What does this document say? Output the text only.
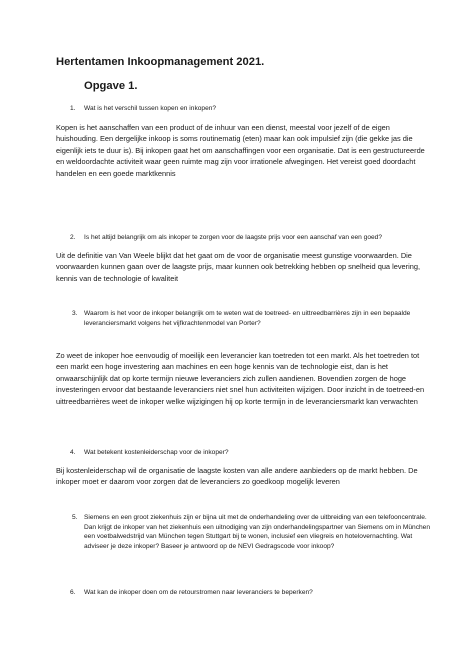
Hertentamen Inkoopmanagement 2021.
Opgave 1.
1. Wat is het verschil tussen kopen en inkopen?
Kopen is het aanschaffen van een product of de inhuur van een dienst, meestal voor jezelf of de eigen huishouding. Een dergelijke inkoop is soms routinematig (eten) maar kan ook impulsief zijn (die gekke jas die eigenlijk iets te duur is). Bij inkopen gaat het om aanschaffingen voor een organisatie. Dat is een gestructureerde en weldoordachte activiteit waar geen ruimte mag zijn voor irrationele afwegingen. Het vereist goed doordacht handelen en een goede marktkennis
2. Is het altijd belangrijk om als inkoper te zorgen voor de laagste prijs voor een aanschaf van een goed?
Uit de definitie van Van Weele blijkt dat het gaat om de voor de organisatie meest gunstige voorwaarden. Die voorwaarden kunnen gaan over de laagste prijs, maar kunnen ook betrekking hebben op snelheid qua levering, kennis van de technologie of kwaliteit
3. Waarom is het voor de inkoper belangrijk om te weten wat de toetreed- en uittreedbarrières zijn in een bepaalde leveranciersmarkt volgens het vijfkrachtenmodel van Porter?
Zo weet de inkoper hoe eenvoudig of moeilijk een leverancier kan toetreden tot een markt. Als het toetreden tot een markt een hoge investering aan machines en een hoge kennis van de technologie eist, dan is het onwaarschijnlijk dat op korte termijn nieuwe leveranciers zich zullen aandienen. Bovendien zorgen de hoge investeringen ervoor dat bestaande leveranciers niet snel hun activiteiten wijzigen. Door inzicht in de toetreed-en uittreedbarrières weet de inkoper welke wijzigingen hij op korte termijn in de leveranciersmarkt kan verwachten
4. Wat betekent kostenleiderschap voor de inkoper?
Bij kostenleiderschap wil de organisatie de laagste kosten van alle andere aanbieders op de markt hebben. De inkoper moet er daarom voor zorgen dat de leveranciers zo goedkoop mogelijk leveren
5. Siemens en een groot ziekenhuis zijn er bijna uit met de onderhandeling over de uitbreiding van een telefooncentrale. Dan krijgt de inkoper van het ziekenhuis een uitnodiging van zijn onderhandelingspartner van Siemens om in München een voetbalwedstrijd van München tegen Stuttgart bij te wonen, inclusief een vliegreis en hotelovernachting. Wat adviseer je deze inkoper? Baseer je antwoord op de NEVI Gedragscode voor inkoop?
6. Wat kan de inkoper doen om de retourstromen naar leveranciers te beperken?
